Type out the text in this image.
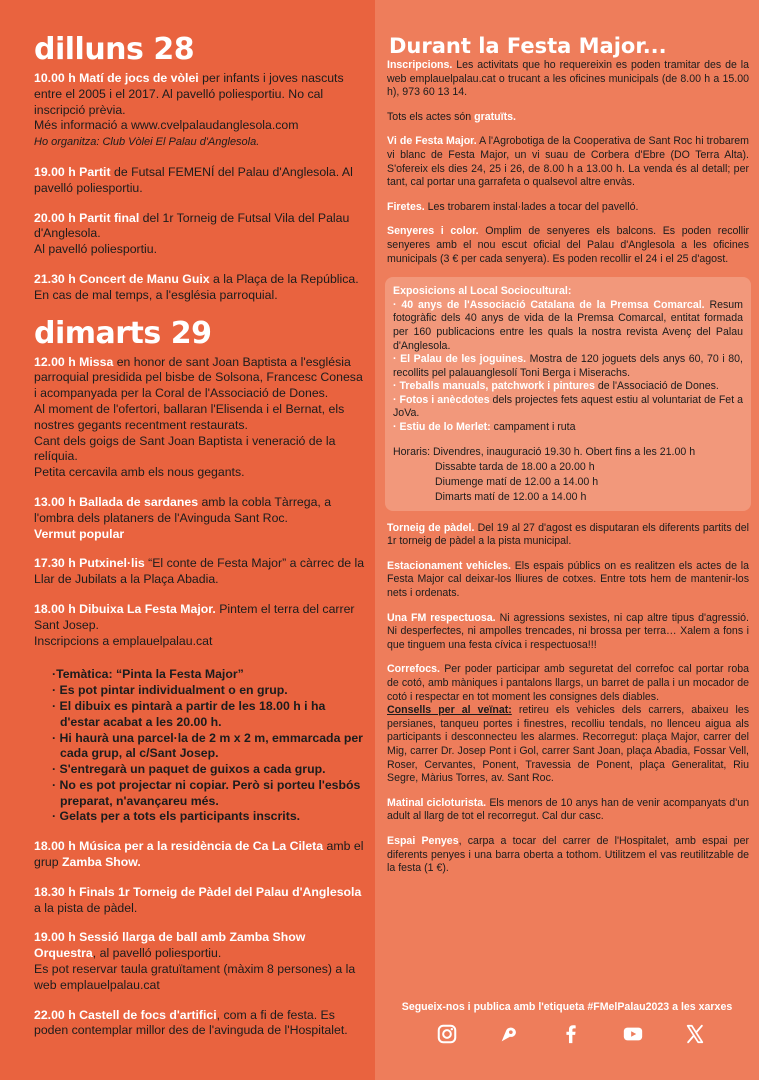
dilluns 28
10.00 h Matí de jocs de vòlei per infants i joves nascuts entre el 2005 i el 2017. Al pavelló poliesportiu. No cal inscripció prèvia.
Més informació a www.cvelpalaudanglesola.com
Ho organitza: Club Vòlei El Palau d'Anglesola.
19.00 h Partit de Futsal FEMENÍ del Palau d'Anglesola. Al pavelló poliesportiu.
20.00 h Partit final del 1r Torneig de Futsal Vila del Palau d'Anglesola.
Al pavelló poliesportiu.
21.30 h Concert de Manu Guix a la Plaça de la República.
En cas de mal temps, a l'església parroquial.
dimarts 29
12.00 h Missa en honor de sant Joan Baptista a l'església parroquial presidida pel bisbe de Solsona, Francesc Conesa i acompanyada per la Coral de l'Associació de Dones.
Al moment de l'ofertori, ballaran l'Elisenda i el Bernat, els nostres gegants recentment restaurats.
Cant dels goigs de Sant Joan Baptista i veneració de la relíquia.
Petita cercavila amb els nous gegants.
13.00 h Ballada de sardanes amb la cobla Tàrrega, a l'ombra dels plataners de l'Avinguda Sant Roc.
Vermut popular
17.30 h Putxinel·lis “El conte de Festa Major” a càrrec de la Llar de Jubilats a la Plaça Abadia.
18.00 h Dibuixa La Festa Major. Pintem el terra del carrer Sant Josep.
Inscripcions a emplauelpalau.cat
·Temàtica: “Pinta la Festa Major”
· Es pot pintar individualment o en grup.
· El dibuix es pintarà a partir de les 18.00 h i ha d'estar acabat a les 20.00 h.
· Hi haurà una parcel·la de 2 m x 2 m, emmarcada per cada grup, al c/Sant Josep.
· S'entregarà un paquet de guixos a cada grup.
· No es pot projectar ni copiar. Però si porteu l'esbós preparat, n'avançareu més.
· Gelats per a tots els participants inscrits.
18.00 h Música per a la residència de Ca La Cileta amb el grup Zamba Show.
18.30 h Finals 1r Torneig de Pàdel del Palau d'Anglesola a la pista de pàdel.
19.00 h Sessió llarga de ball amb Zamba Show Orquestra, al pavelló poliesportiu.
Es pot reservar taula gratuïtament (màxim 8 persones) a la web emplauelpalau.cat
22.00 h Castell de focs d'artifici, com a fi de festa. Es poden contemplar millor des de l'avinguda de l'Hospitalet.
Durant la Festa Major...
Inscripcions. Les activitats que ho requereixin es poden tramitar des de la web emplauelpalau.cat o trucant a les oficines municipals (de 8.00 h a 15.00 h), 973 60 13 14.
Tots els actes són gratuïts.
Vi de Festa Major. A l'Agrobotiga de la Cooperativa de Sant Roc hi trobarem vi blanc de Festa Major, un vi suau de Corbera d'Ebre (DO Terra Alta). S'ofereix els dies 24, 25 i 26, de 8.00 h a 13.00 h. La venda és al detall; per tant, cal portar una garrafeta o qualsevol altre envàs.
Firetes. Les trobarem instal·lades a tocar del pavelló.
Senyeres i color. Omplim de senyeres els balcons. Es poden recollir senyeres amb el nou escut oficial del Palau d'Anglesola a les oficines municipals (3 € per cada senyera). Es poden recollir el 24 i el 25 d'agost.
Exposicions al Local Sociocultural:
· 40 anys de l'Associació Catalana de la Premsa Comarcal. Resum fotogràfic dels 40 anys de vida de la Premsa Comarcal, entitat formada per 160 publicacions entre les quals la nostra revista Avenç del Palau d'Anglesola.
· El Palau de les joguines. Mostra de 120 joguets dels anys 60, 70 i 80, recollits pel palauanglesolí Toni Berga i Miserachs.
· Treballs manuals, patchwork i pintures de l'Associació de Dones.
· Fotos i anècdotes dels projectes fets aquest estiu al voluntariat de Fet a JoVa.
· Estiu de lo Merlet: campament i ruta
Horaris: Divendres, inauguració 19.30 h. Obert fins a les 21.00 h
Dissabte tarda de 18.00 a 20.00 h
Diumenge matí de 12.00 a 14.00 h
Dimarts matí de 12.00 a 14.00 h
Torneig de pàdel. Del 19 al 27 d'agost es disputaran els diferents partits del 1r torneig de pàdel a la pista municipal.
Estacionament vehicles. Els espais públics on es realitzen els actes de la Festa Major cal deixar-los lliures de cotxes. Entre tots hem de mantenir-los nets i ordenats.
Una FM respectuosa. Ni agressions sexistes, ni cap altre tipus d'agressió. Ni desperfectes, ni ampolles trencades, ni brossa per terra… Xalem a fons i que tinguem una festa cívica i respectuosa!!!
Correfocs. Per poder participar amb seguretat del correfoc cal portar roba de cotó, amb màniques i pantalons llargs, un barret de palla i un mocador de cotó i respectar en tot moment les consignes dels diables.
Consells per al veïnat: retireu els vehicles dels carrers, abaixeu les persianes, tanqueu portes i finestres, recolliu tendals, no llenceu aigua als participants i desconnecteu les alarmes. Recorregut: plaça Major, carrer del Mig, carrer Dr. Josep Pont i Gol, carrer Sant Joan, plaça Abadia, Fossar Vell, Roser, Cervantes, Ponent, Travessia de Ponent, plaça Generalitat, Riu Segre, Màrius Torres, av. Sant Roc.
Matinal cicloturista. Els menors de 10 anys han de venir acompanyats d'un adult al llarg de tot el recorregut. Cal dur casc.
Espai Penyes, carpa a tocar del carrer de l'Hospitalet, amb espai per diferents penyes i una barra oberta a tothom. Utilitzem el vas reutilitzable de la festa (1 €).
Segueix-nos i publica amb l'etiqueta #FMelPalau2023 a les xarxes
